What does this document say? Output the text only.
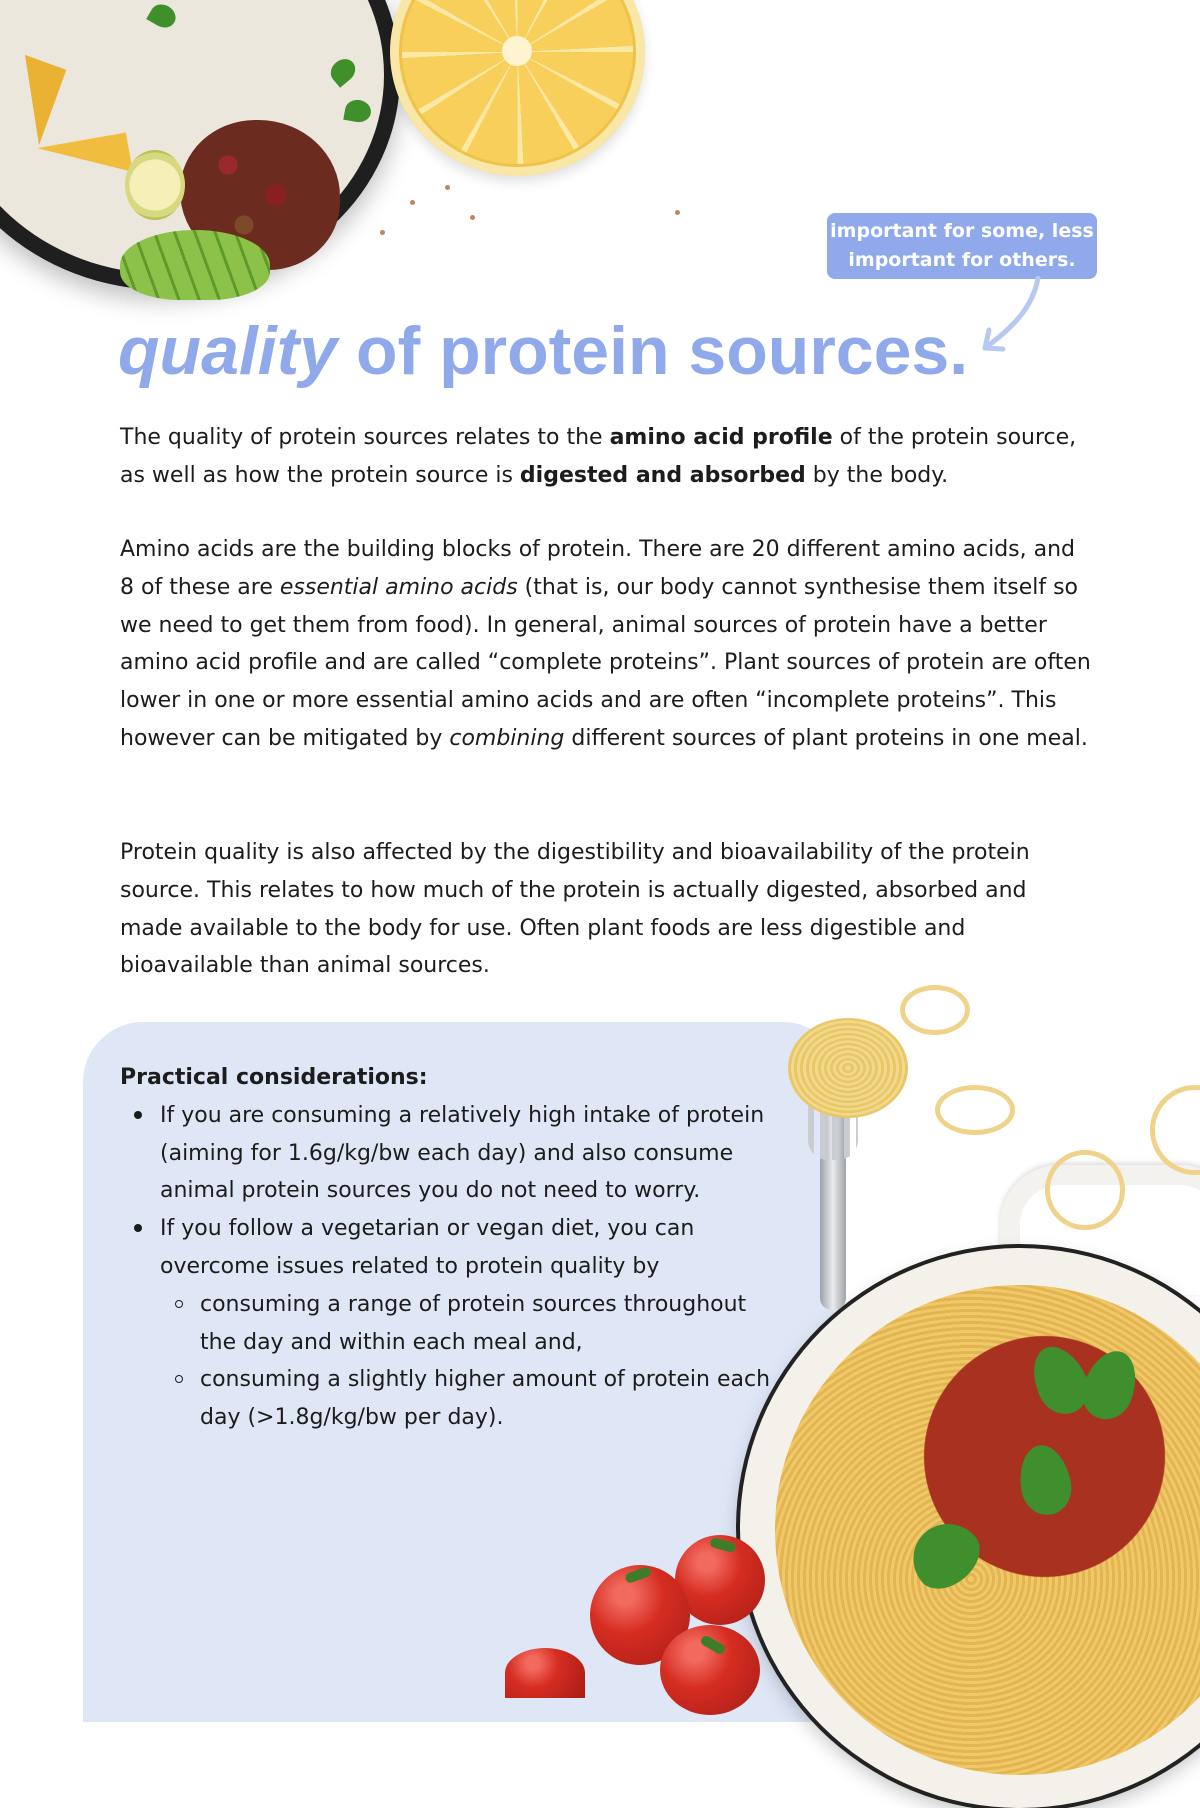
important for some, less important for others.
quality of protein sources.

The quality of protein sources relates to the amino acid profile of the protein source, as well as how the protein source is digested and absorbed by the body.

Amino acids are the building blocks of protein. There are 20 different amino acids, and 8 of these are essential amino acids (that is, our body cannot synthesise them itself so we need to get them from food). In general, animal sources of protein have a better amino acid profile and are called “complete proteins”. Plant sources of protein are often lower in one or more essential amino acids and are often “incomplete proteins”. This however can be mitigated by combining different sources of plant proteins in one meal.

Protein quality is also affected by the digestibility and bioavailability of the protein source. This relates to how much of the protein is actually digested, absorbed and made available to the body for use. Often plant foods are less digestible and bioavailable than animal sources.

Practical considerations:
If you are consuming a relatively high intake of protein (aiming for 1.6g/kg/bw each day) and also consume animal protein sources you do not need to worry.
If you follow a vegetarian or vegan diet, you can overcome issues related to protein quality by
consuming a range of protein sources throughout the day and within each meal and,
consuming a slightly higher amount of protein each day (>1.8g/kg/bw per day).
